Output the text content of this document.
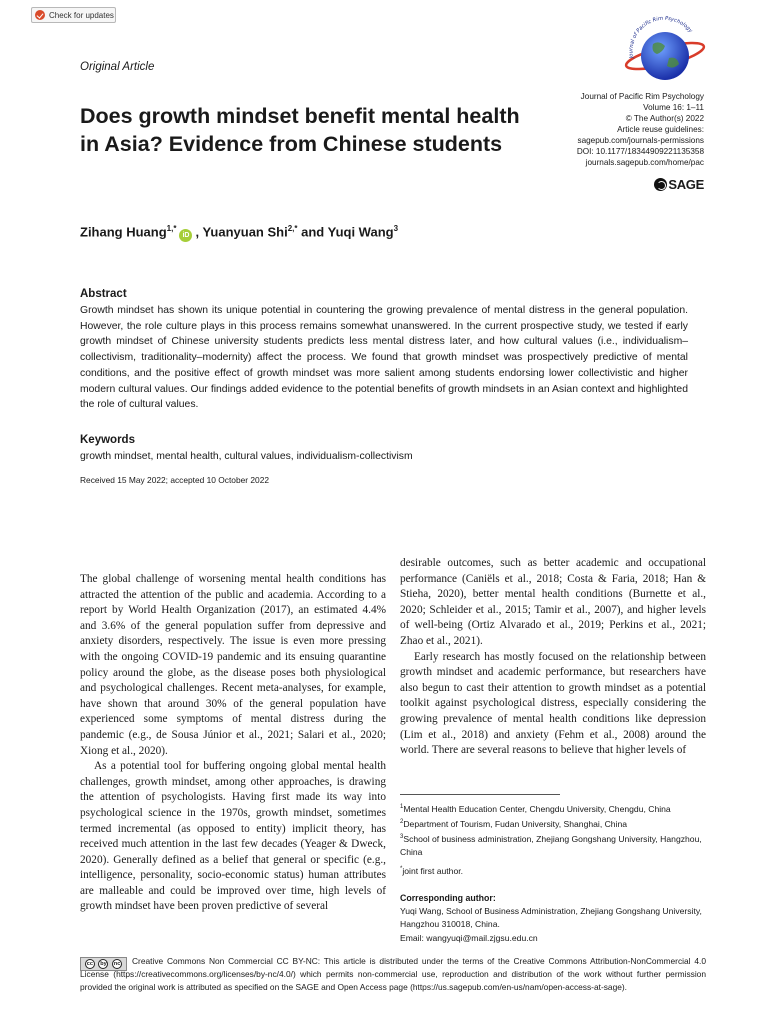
Check for updates
Journal of Pacific Rim Psychology
Original Article
Journal of Pacific Rim Psychology
Volume 16: 1–11
© The Author(s) 2022
Article reuse guidelines:
sagepub.com/journals-permissions
DOI: 10.1177/18344909221135358
journals.sagepub.com/home/pac
SAGE
Does growth mindset benefit mental health in Asia? Evidence from Chinese students
Zihang Huang$^{1,*}$iD , Yuanyuan Shi$^{2,*}$ and Yuqi Wang$^3$
Abstract
Growth mindset has shown its unique potential in countering the growing prevalence of mental distress in the general population. However, the role culture plays in this process remains somewhat unanswered. In the current prospective study, we tested if early growth mindset of Chinese university students predicts less mental distress later, and how cultural values (i.e., individualism–collectivism, traditionality–modernity) affect the process. We found that growth mindset was prospectively predictive of mental conditions, and the positive effect of growth mindset was more salient among students endorsing lower collectivistic and higher modern cultural values. Our findings added evidence to the potential benefits of growth mindsets in an Asian context and highlighted the role of cultural values.
Keywords
growth mindset, mental health, cultural values, individualism-collectivism
Received 15 May 2022; accepted 10 October 2022

The global challenge of worsening mental health conditions has attracted the attention of the public and academia. According to a report by World Health Organization (2017), an estimated 4.4% and 3.6% of the general population suffer from depressive and anxiety disorders, respectively. The issue is even more pressing with the ongoing COVID-19 pandemic and its ensuing quarantine policy around the globe, as the disease poses both physiological and psychological challenges. Recent meta-analyses, for example, have shown that around 30% of the general population have experienced some symptoms of mental distress during the pandemic (e.g., de Sousa Júnior et al., 2021; Salari et al., 2020; Xiong et al., 2020).

As a potential tool for buffering ongoing global mental health challenges, growth mindset, among other approaches, is drawing the attention of psychologists. Having first made its way into psychological science in the 1970s, growth mindset, sometimes termed incremental (as opposed to entity) implicit theory, has received much attention in the last few decades (Yeager & Dweck, 2020). Generally defined as a belief that general or specific (e.g., intelligence, personality, socio-economic status) human attributes are malleable and could be improved over time, high levels of growth mindset have been proven predictive of several

desirable outcomes, such as better academic and occupational performance (Caniëls et al., 2018; Costa & Faria, 2018; Han & Stieha, 2020), better mental health conditions (Burnette et al., 2020; Schleider et al., 2015; Tamir et al., 2007), and higher levels of well-being (Ortiz Alvarado et al., 2019; Perkins et al., 2021; Zhao et al., 2021).

Early research has mostly focused on the relationship between growth mindset and academic performance, but researchers have also begun to cast their attention to growth mindset as a potential toolkit against psychological distress, especially considering the growing prevalence of mental health conditions like depression (Lim et al., 2018) and anxiety (Fehm et al., 2008) around the world. There are several reasons to believe that higher levels of

$^1$Mental Health Education Center, Chengdu University, Chengdu, China
$^2$Department of Tourism, Fudan University, Shanghai, China
$^3$School of business administration, Zhejiang Gongshang University, Hangzhou, China
*joint first author.
Corresponding author:
Yuqi Wang, School of Business Administration, Zhejiang Gongshang University, Hangzhou 310018, China.
Email: wangyuqi@mail.zjgsu.edu.cn
cc	by	nc	Creative Commons Non Commercial CC BY-NC: This article is distributed under the terms of the Creative Commons Attribution-NonCommercial 4.0 License (https://creativecommons.org/licenses/by-nc/4.0/) which permits non-commercial use, reproduction and distribution of the work without further permission provided the original work is attributed as specified on the SAGE and Open Access page (https://us.sagepub.com/en-us/nam/open-access-at-sage).
